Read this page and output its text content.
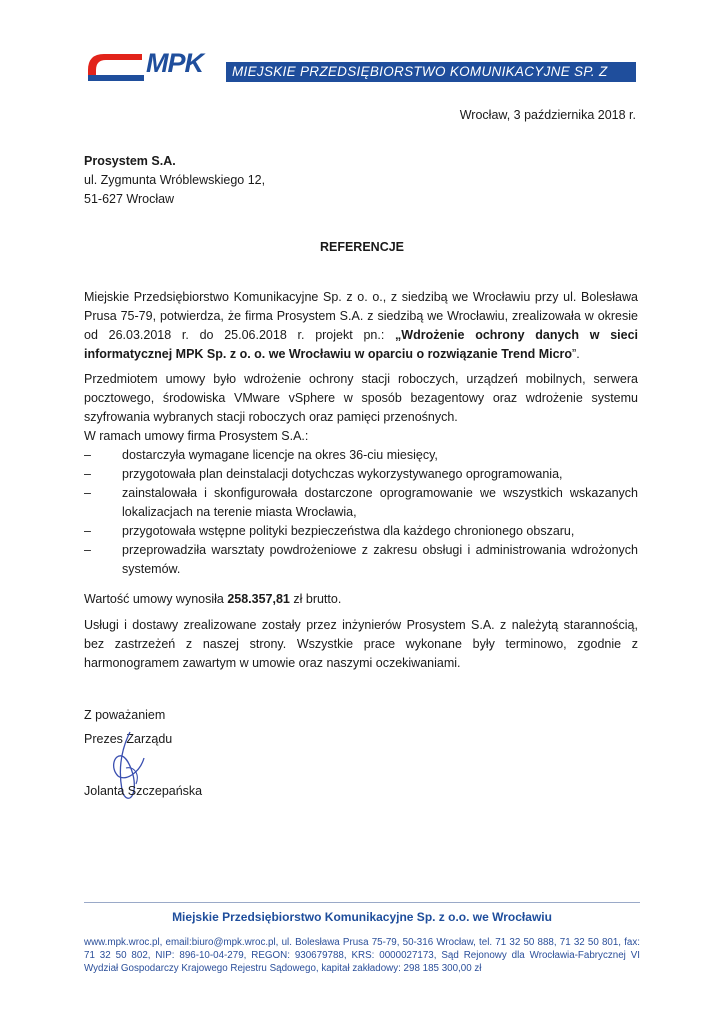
MPK	MIEJSKIE PRZEDSIĘBIORSTWO KOMUNIKACYJNE SP. Z O.O.
Wrocław, 3 października 2018 r.
Prosystem S.A.
ul. Zygmunta Wróblewskiego 12,
51-627 Wrocław
REFERENCJE
Miejskie Przedsiębiorstwo Komunikacyjne Sp. z o. o., z siedzibą we Wrocławiu przy ul. Bolesława Prusa 75-79, potwierdza, że firma Prosystem S.A. z siedzibą we Wrocławiu, zrealizowała w okresie od 26.03.2018 r. do 25.06.2018 r. projekt pn.: „Wdrożenie ochrony danych w sieci informatycznej MPK Sp. z o. o. we Wrocławiu w oparciu o rozwiązanie Trend Micro”.
Przedmiotem umowy było wdrożenie ochrony stacji roboczych, urządzeń mobilnych, serwera pocztowego, środowiska VMware vSphere w sposób bezagentowy oraz wdrożenie systemu szyfrowania wybranych stacji roboczych oraz pamięci przenośnych.
W ramach umowy firma Prosystem S.A.:
– dostarczyła wymagane licencje na okres 36-ciu miesięcy,
– przygotowała plan deinstalacji dotychczas wykorzystywanego oprogramowania,
– zainstalowała i skonfigurowała dostarczone oprogramowanie we wszystkich wskazanych lokalizacjach na terenie miasta Wrocławia,
– przygotowała wstępne polityki bezpieczeństwa dla każdego chronionego obszaru,
– przeprowadziła warsztaty powdrożeniowe z zakresu obsługi i administrowania wdrożonych systemów.
Wartość umowy wynosiła 258.357,81 zł brutto.
Usługi i dostawy zrealizowane zostały przez inżynierów Prosystem S.A. z należytą starannością, bez zastrzeżeń z naszej strony. Wszystkie prace wykonane były terminowo, zgodnie z harmonogramem zawartym w umowie oraz naszymi oczekiwaniami.
Z poważaniem
Prezes Zarządu
Jolanta Szczepańska
Miejskie Przedsiębiorstwo Komunikacyjne Sp. z o.o. we Wrocławiu
www.mpk.wroc.pl, email:biuro@mpk.wroc.pl, ul. Bolesława Prusa 75-79, 50-316 Wrocław, tel. 71 32 50 888, 71 32 50 801, fax: 71 32 50 802, NIP: 896-10-04-279, REGON: 930679788, KRS: 0000027173, Sąd Rejonowy dla Wrocławia-Fabrycznej VI Wydział Gospodarczy Krajowego Rejestru Sądowego, kapitał zakładowy: 298 185 300,00 zł
